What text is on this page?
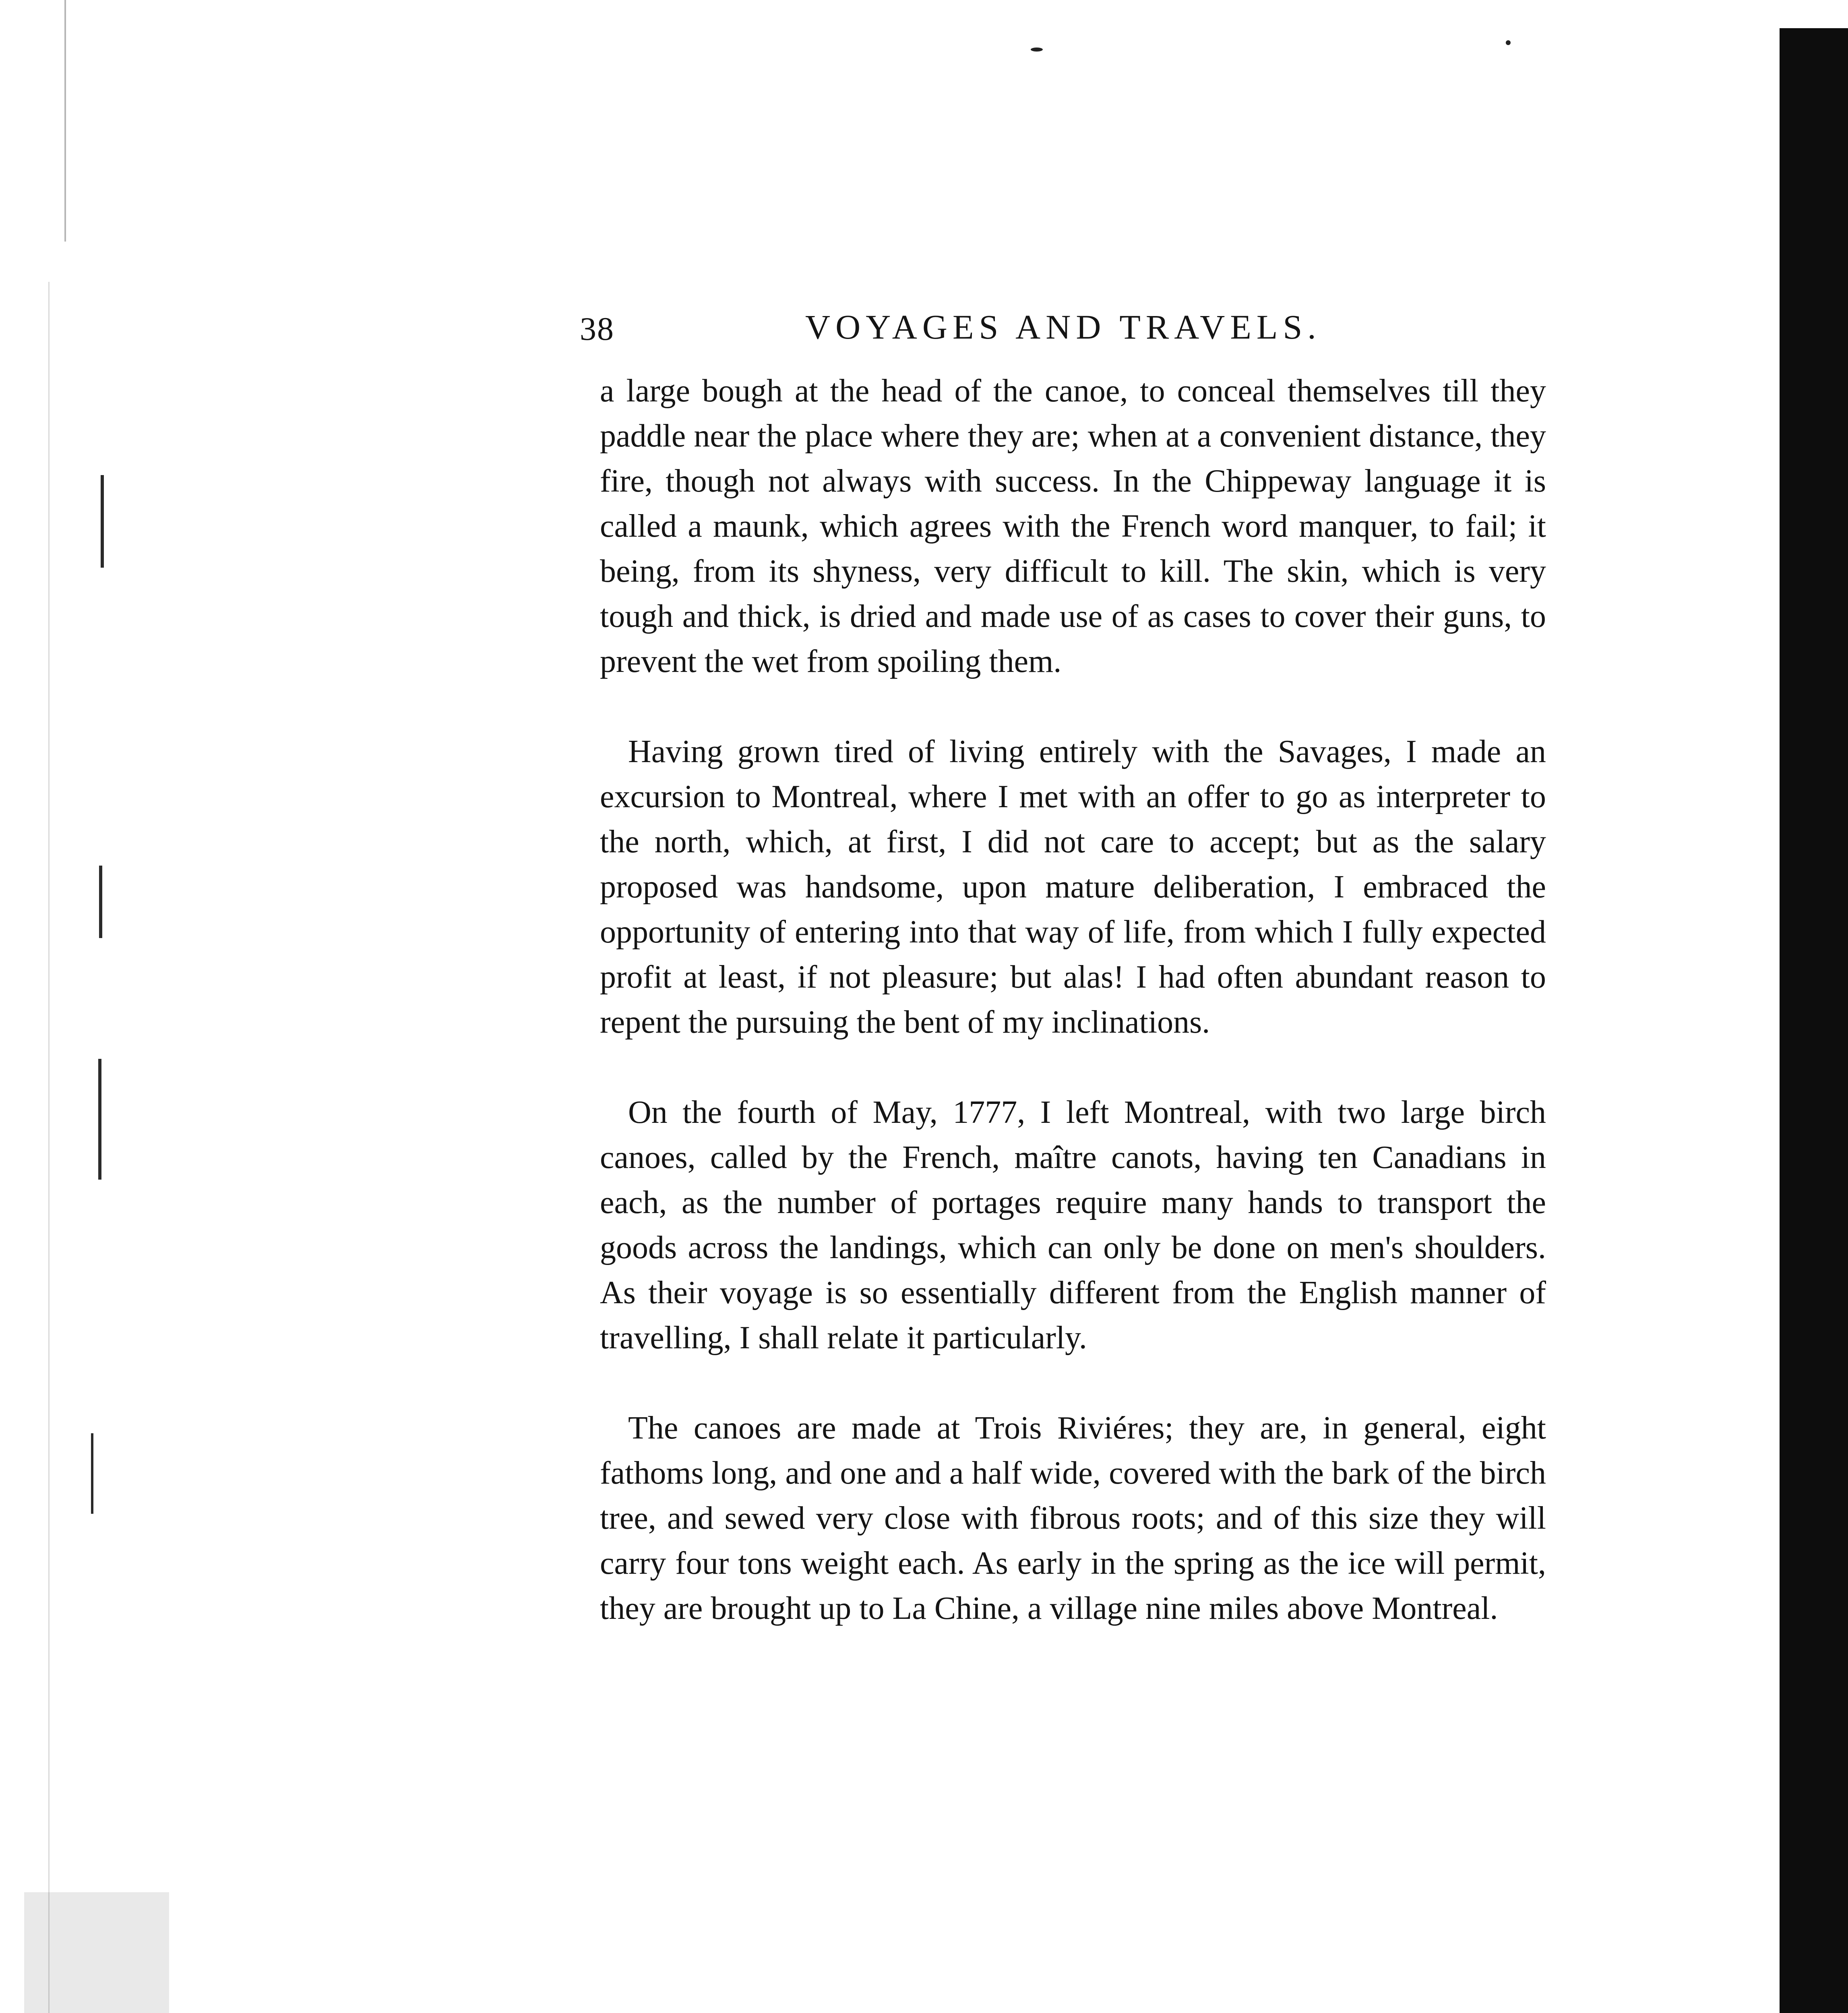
38	VOYAGES AND TRAVELS.

a large bough at the head of the canoe, to conceal themselves till they paddle near the place where they are; when at a convenient distance, they fire, though not always with success. In the Chippeway language it is called a maunk, which agrees with the French word manquer, to fail; it being, from its shyness, very difficult to kill. The skin, which is very tough and thick, is dried and made use of as cases to cover their guns, to prevent the wet from spoiling them.

Having grown tired of living entirely with the Savages, I made an excursion to Montreal, where I met with an offer to go as interpreter to the north, which, at first, I did not care to accept; but as the salary proposed was handsome, upon mature deliberation, I embraced the opportunity of entering into that way of life, from which I fully expected profit at least, if not pleasure; but alas! I had often abundant reason to repent the pursuing the bent of my inclinations.

On the fourth of May, 1777, I left Montreal, with two large birch canoes, called by the French, maître canots, having ten Canadians in each, as the number of portages require many hands to transport the goods across the landings, which can only be done on men's shoulders. As their voyage is so essentially different from the English manner of travelling, I shall relate it particularly.

The canoes are made at Trois Riviéres; they are, in general, eight fathoms long, and one and a half wide, covered with the bark of the birch tree, and sewed very close with fibrous roots; and of this size they will carry four tons weight each. As early in the spring as the ice will permit, they are brought up to La Chine, a village nine miles above Montreal.
